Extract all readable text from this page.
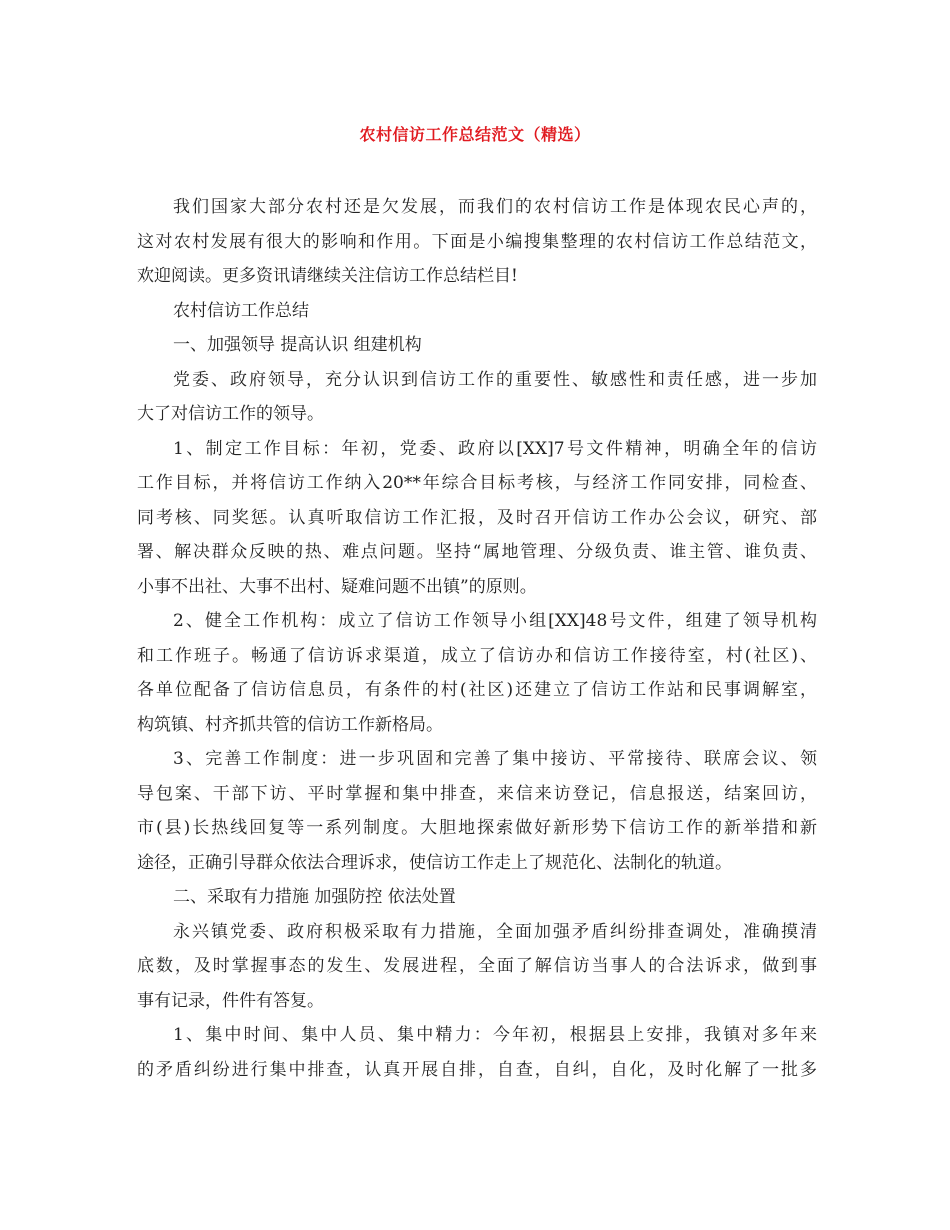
农村信访工作总结范文（精选）
我们国家大部分农村还是欠发展，而我们的农村信访工作是体现农民心声的，
这对农村发展有很大的影响和作用。下面是小编搜集整理的农村信访工作总结范文，
欢迎阅读。更多资讯请继续关注信访工作总结栏目!
农村信访工作总结
一、加强领导 提高认识 组建机构
党委、政府领导，充分认识到信访工作的重要性、敏感性和责任感，进一步加
大了对信访工作的领导。
1、制定工作目标：年初，党委、政府以[XX]7号文件精神，明确全年的信访
工作目标，并将信访工作纳入20**年综合目标考核，与经济工作同安排，同检查、
同考核、同奖惩。认真听取信访工作汇报，及时召开信访工作办公会议，研究、部
署、解决群众反映的热、难点问题。坚持“属地管理、分级负责、谁主管、谁负责、
小事不出社、大事不出村、疑难问题不出镇”的原则。
2、健全工作机构：成立了信访工作领导小组[XX]48号文件，组建了领导机构
和工作班子。畅通了信访诉求渠道，成立了信访办和信访工作接待室，村(社区)、
各单位配备了信访信息员，有条件的村(社区)还建立了信访工作站和民事调解室，
构筑镇、村齐抓共管的信访工作新格局。
3、完善工作制度：进一步巩固和完善了集中接访、平常接待、联席会议、领
导包案、干部下访、平时掌握和集中排查，来信来访登记，信息报送，结案回访，
市(县)长热线回复等一系列制度。大胆地探索做好新形势下信访工作的新举措和新
途径，正确引导群众依法合理诉求，使信访工作走上了规范化、法制化的轨道。
二、采取有力措施 加强防控 依法处置
永兴镇党委、政府积极采取有力措施，全面加强矛盾纠纷排查调处，准确摸清
底数，及时掌握事态的发生、发展进程，全面了解信访当事人的合法诉求，做到事
事有记录，件件有答复。
1、集中时间、集中人员、集中精力：今年初，根据县上安排，我镇对多年来
的矛盾纠纷进行集中排查，认真开展自排，自查，自纠，自化，及时化解了一批多
